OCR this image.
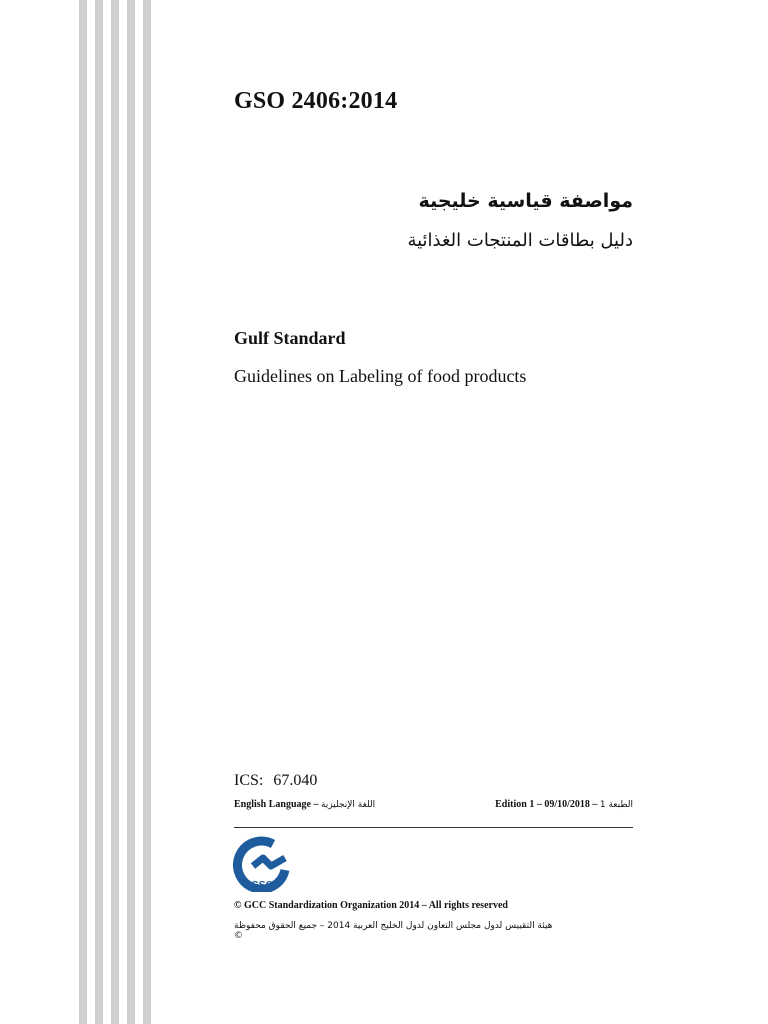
GSO 2406:2014
مواصفة قياسية خليجية
دليل بطاقات المنتجات الغذائية
Gulf Standard
Guidelines on Labeling of food products
ICS: 67.040
English Language – اللغة الإنجليزية	Edition 1 – 09/10/2018 – الطبعة 1
GSO
© GCC Standardization Organization 2014 – All rights reserved
هيئة التقييس لدول مجلس التعاون لدول الخليج العربية 2014 – جميع الحقوق محفوظة ©
